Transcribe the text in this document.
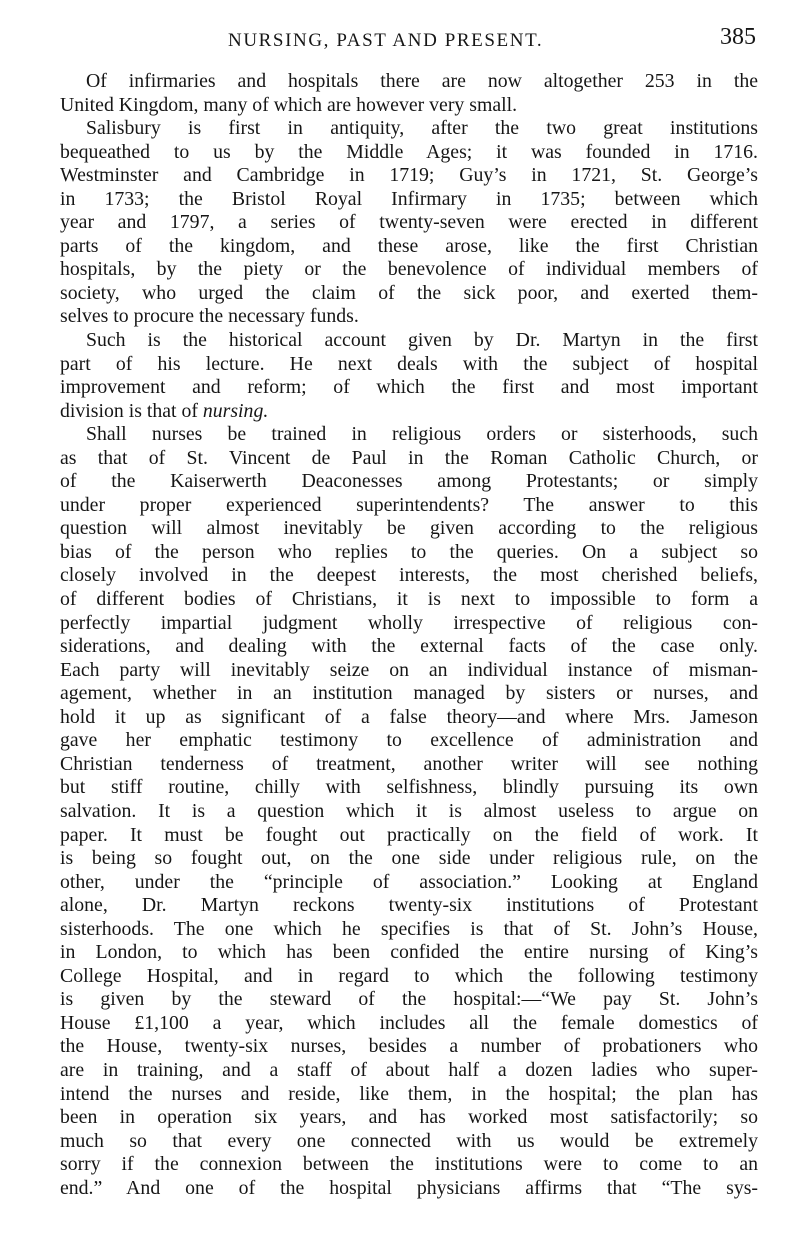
NURSING, PAST AND PRESENT.	385
Of infirmaries and hospitals there are now altogether 253 in the
United Kingdom, many of which are however very small.
Salisbury is first in antiquity, after the two great institutions
bequeathed to us by the Middle Ages; it was founded in 1716.
Westminster and Cambridge in 1719; Guy’s in 1721, St. George’s
in 1733; the Bristol Royal Infirmary in 1735; between which
year and 1797, a series of twenty-seven were erected in different
parts of the kingdom, and these arose, like the first Christian
hospitals, by the piety or the benevolence of individual members of
society, who urged the claim of the sick poor, and exerted them-
selves to procure the necessary funds.
Such is the historical account given by Dr. Martyn in the first
part of his lecture. He next deals with the subject of hospital
improvement and reform; of which the first and most important
division is that of nursing.
Shall nurses be trained in religious orders or sisterhoods, such
as that of St. Vincent de Paul in the Roman Catholic Church, or
of the Kaiserwerth Deaconesses among Protestants; or simply
under proper experienced superintendents? The answer to this
question will almost inevitably be given according to the religious
bias of the person who replies to the queries. On a subject so
closely involved in the deepest interests, the most cherished beliefs,
of different bodies of Christians, it is next to impossible to form a
perfectly impartial judgment wholly irrespective of religious con-
siderations, and dealing with the external facts of the case only.
Each party will inevitably seize on an individual instance of misman-
agement, whether in an institution managed by sisters or nurses, and
hold it up as significant of a false theory—and where Mrs. Jameson
gave her emphatic testimony to excellence of administration and
Christian tenderness of treatment, another writer will see nothing
but stiff routine, chilly with selfishness, blindly pursuing its own
salvation. It is a question which it is almost useless to argue on
paper. It must be fought out practically on the field of work. It
is being so fought out, on the one side under religious rule, on the
other, under the “principle of association.” Looking at England
alone, Dr. Martyn reckons twenty-six institutions of Protestant
sisterhoods. The one which he specifies is that of St. John’s House,
in London, to which has been confided the entire nursing of King’s
College Hospital, and in regard to which the following testimony
is given by the steward of the hospital:—“We pay St. John’s
House £1,100 a year, which includes all the female domestics of
the House, twenty-six nurses, besides a number of probationers who
are in training, and a staff of about half a dozen ladies who super-
intend the nurses and reside, like them, in the hospital; the plan has
been in operation six years, and has worked most satisfactorily; so
much so that every one connected with us would be extremely
sorry if the connexion between the institutions were to come to an
end.” And one of the hospital physicians affirms that “The sys-
